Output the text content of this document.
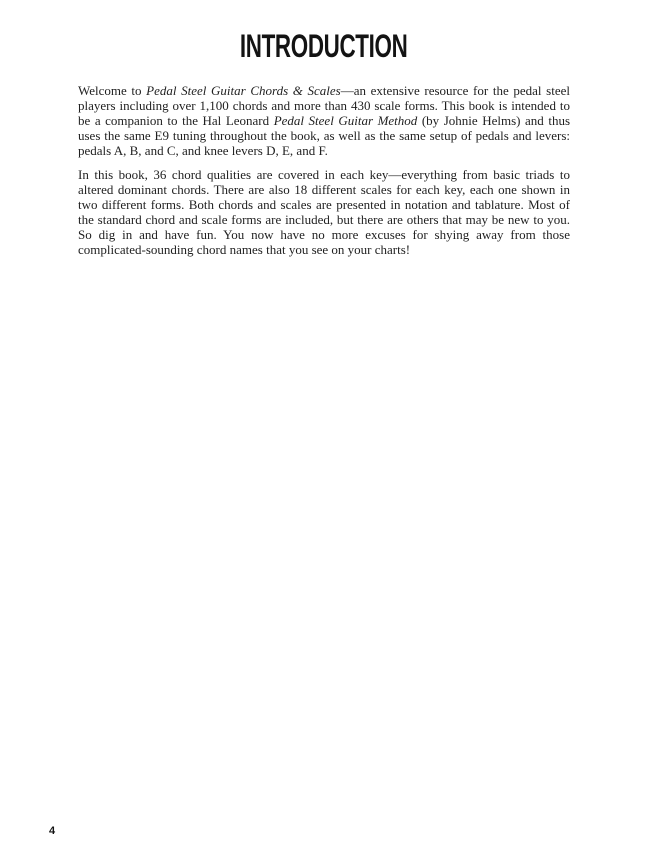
INTRODUCTION

Welcome to Pedal Steel Guitar Chords & Scales—an extensive resource for the pedal steel players including over 1,100 chords and more than 430 scale forms. This book is intended to be a companion to the Hal Leonard Pedal Steel Guitar Method (by Johnie Helms) and thus uses the same E9 tuning throughout the book, as well as the same setup of pedals and levers: pedals A, B, and C, and knee levers D, E, and F.

In this book, 36 chord qualities are covered in each key—everything from basic triads to altered dominant chords. There are also 18 different scales for each key, each one shown in two different forms. Both chords and scales are presented in notation and tablature. Most of the standard chord and scale forms are included, but there are others that may be new to you. So dig in and have fun. You now have no more excuses for shying away from those complicated-sounding chord names that you see on your charts!

4
